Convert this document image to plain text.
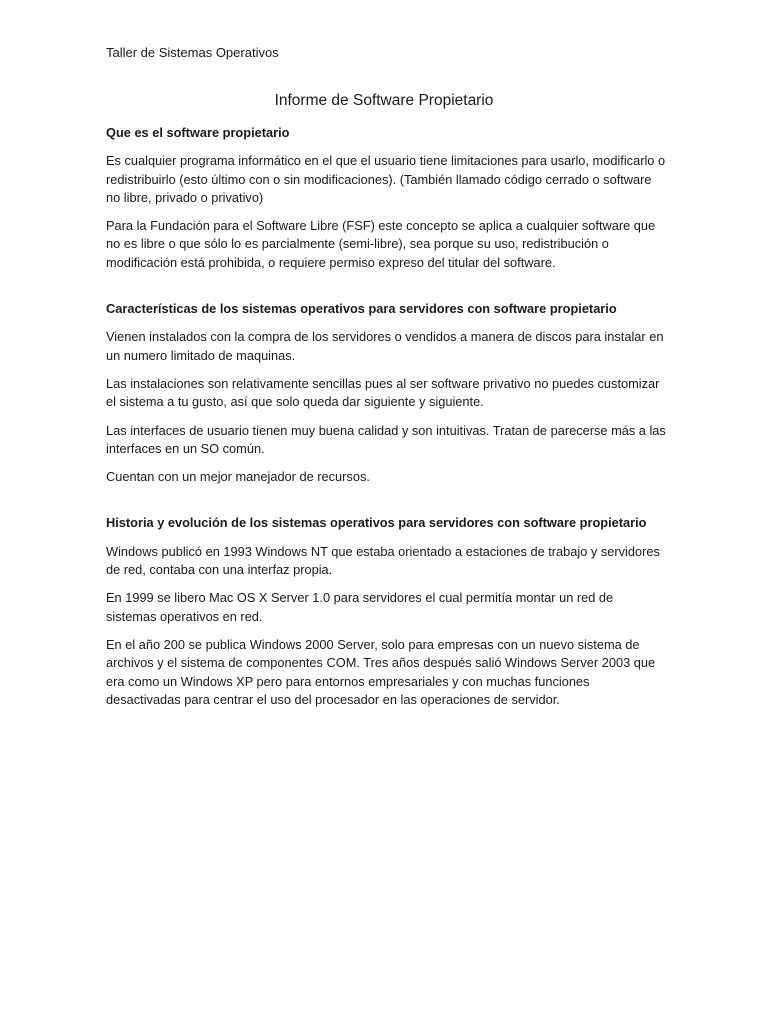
Taller de Sistemas Operativos
Informe de Software Propietario

Que es el software propietario

Es cualquier programa informático en el que el usuario tiene limitaciones para usarlo, modificarlo o redistribuirlo (esto último con o sin modificaciones). (También llamado código cerrado o software no libre, privado o privativo)

Para la Fundación para el Software Libre (FSF) este concepto se aplica a cualquier software que no es libre o que sólo lo es parcialmente (semi-libre), sea porque su uso, redistribución o modificación está prohibida, o requiere permiso expreso del titular del software.

Características de los sistemas operativos para servidores con software propietario

Vienen instalados con la compra de los servidores o vendidos a manera de discos para instalar en un numero limitado de maquinas.

Las instalaciones son relativamente sencillas pues al ser software privativo no puedes customizar el sistema a tu gusto, así que solo queda dar siguiente y siguiente.

Las interfaces de usuario tienen muy buena calidad y son intuitivas. Tratan de parecerse más a las interfaces en un SO común.

Cuentan con un mejor manejador de recursos.

Historia y evolución de los sistemas operativos para servidores con software propietario

Windows publicó en 1993 Windows NT que estaba orientado a estaciones de trabajo y servidores de red, contaba con una interfaz propia.

En 1999 se libero Mac OS X Server 1.0 para servidores el cual permitía montar un red de sistemas operativos en red.

En el año 200 se publica Windows 2000 Server, solo para empresas con un nuevo sistema de archivos y el sistema de componentes COM. Tres años después salió Windows Server 2003 que era como un Windows XP pero para entornos empresariales y con muchas funciones desactivadas para centrar el uso del procesador en las operaciones de servidor.
